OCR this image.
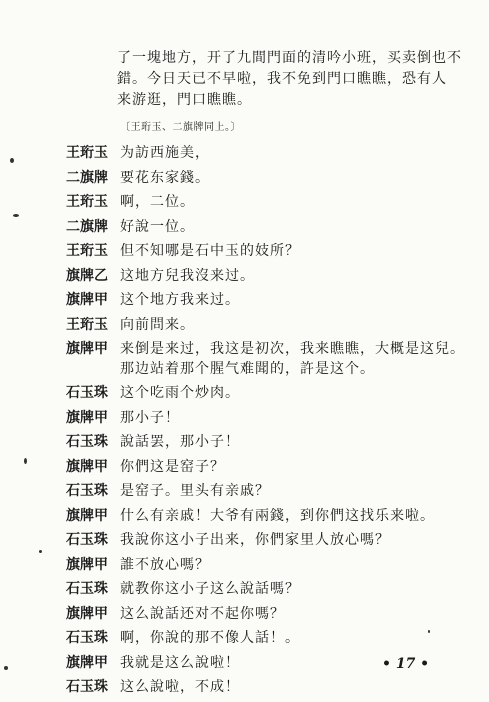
了一塊地方，开了九間門面的清吟小班，买卖倒也不

錯。今日天已不早啦，我不免到門口瞧瞧，恐有人

来游逛，門口瞧瞧。

〔王珩玉、二旗牌同上。〕
王珩玉 为訪西施美，
二旗牌 要花东家錢。
王珩玉 啊，二位。
二旗牌 好說一位。
王珩玉 但不知哪是石中玉的妓所？
旗牌乙 这地方兒我沒来过。
旗牌甲 这个地方我来过。
王珩玉 向前問来。
旗牌甲 来倒是来过，我这是初次，我来瞧瞧，大概是这兒。那边站着那个腥气难聞的，許是这个。
石玉珠 这个吃雨个炒肉。
旗牌甲 那小子！
石玉珠 說話罢，那小子！
旗牌甲 你們这是窑子？
石玉珠 是窑子。里头有亲戚？
旗牌甲 什么有亲戚！大爷有兩錢，到你們这找乐来啦。
石玉珠 我說你这小子出来，你們家里人放心嗎？
旗牌甲 誰不放心嗎？
石玉珠 就教你这小子这么說話嗎？
旗牌甲 这么說話还对不起你嗎？
石玉珠 啊，你說的那不像人話！。
旗牌甲 我就是这么說啦！
石玉珠 这么說啦，不成！
• 17 •
